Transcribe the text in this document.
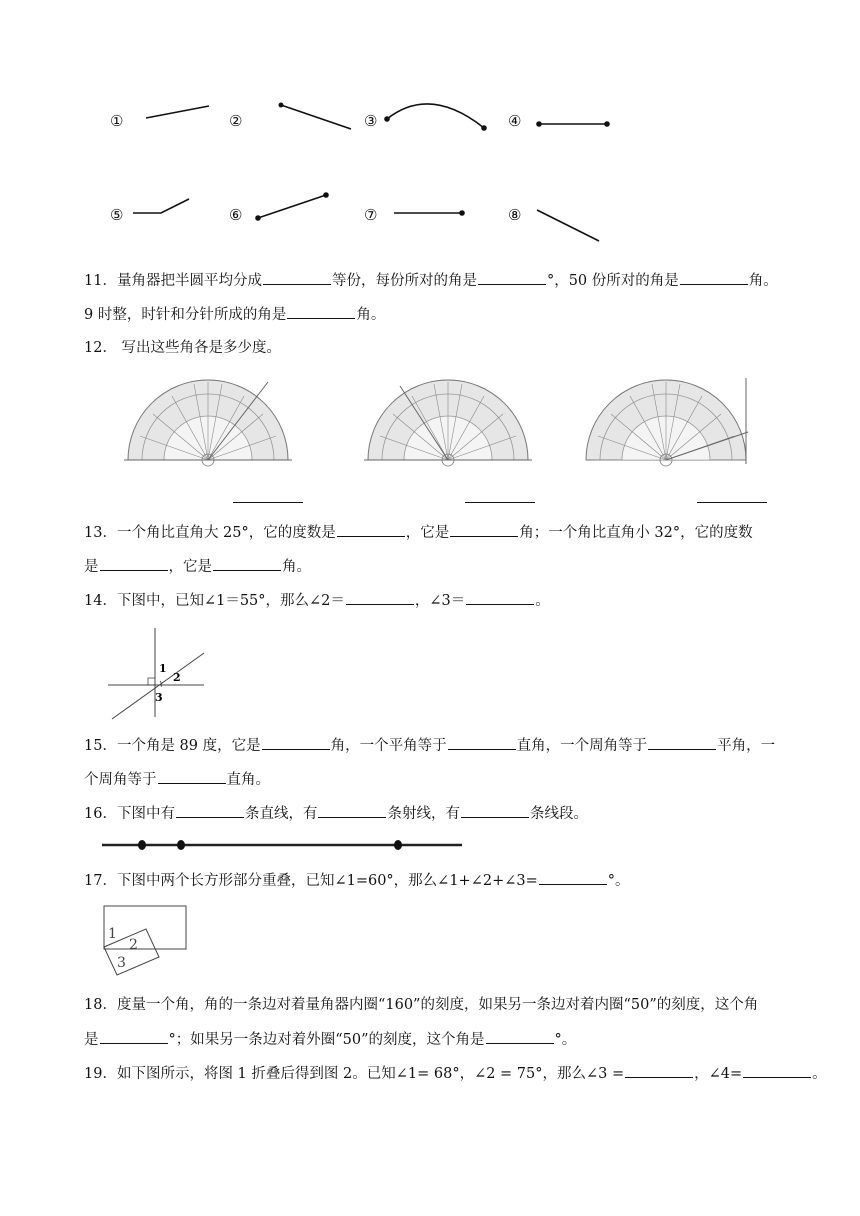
①	②	③	④
⑤	⑥	⑦	⑧
11．量角器把半圆平均分成	等份，每份所对的角是	°，50 份所对的角是	角。
9 时整，时针和分针所成的角是	角。
12． 写出这些角各是多少度。
13．一个角比直角大 25°，它的度数是	，它是	角；一个角比直角小 32°，它的度数
是	，它是	角。
14．下图中，已知∠1＝55°，那么∠2＝	，∠3＝	。
1
2
3
15．一个角是 89 度，它是	角，一个平角等于	直角，一个周角等于	平角，一
个周角等于	直角。
16．下图中有	条直线，有	条射线，有	条线段。
17．下图中两个长方形部分重叠，已知∠1=60°，那么∠1+∠2+∠3=	°。
1
2
3
18．度量一个角，角的一条边对着量角器内圈“160”的刻度，如果另一条边对着内圈“50”的刻度，这个角
是	°；如果另一条边对着外圈“50”的刻度，这个角是	°。
19．如下图所示，将图 1 折叠后得到图 2。已知∠1= 68°，∠2 = 75°，那么∠3 =	，∠4=	。
